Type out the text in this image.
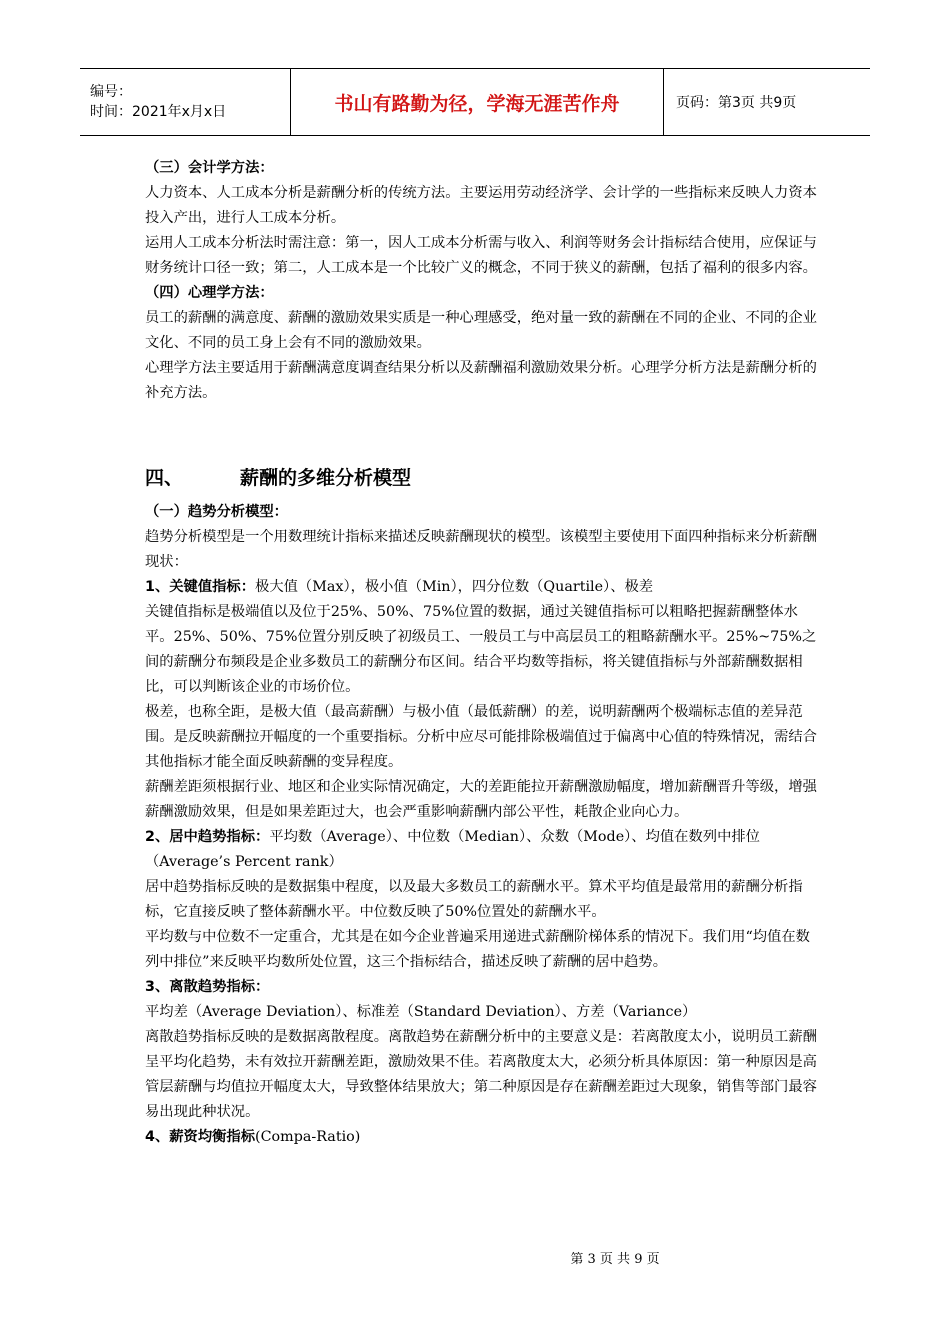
编号：
时间：2021年x月x日	书山有路勤为径，学海无涯苦作舟	页码：第3页 共9页

（三）会计学方法：

人力资本、人工成本分析是薪酬分析的传统方法。主要运用劳动经济学、会计学的一些指标来反映人力资本投入产出，进行人工成本分析。

运用人工成本分析法时需注意：第一，因人工成本分析需与收入、利润等财务会计指标结合使用，应保证与财务统计口径一致；第二，人工成本是一个比较广义的概念，不同于狭义的薪酬，包括了福利的很多内容。

（四）心理学方法：

员工的薪酬的满意度、薪酬的激励效果实质是一种心理感受，绝对量一致的薪酬在不同的企业、不同的企业文化、不同的员工身上会有不同的激励效果。

心理学方法主要适用于薪酬满意度调查结果分析以及薪酬福利激励效果分析。心理学分析方法是薪酬分析的补充方法。

四、	薪酬的多维分析模型

（一）趋势分析模型：

趋势分析模型是一个用数理统计指标来描述反映薪酬现状的模型。该模型主要使用下面四种指标来分析薪酬现状：

1、关键值指标：极大值（Max），极小值（Min），四分位数（Quartile）、极差

关键值指标是极端值以及位于25%、50%、75%位置的数据，通过关键值指标可以粗略把握薪酬整体水平。25%、50%、75%位置分别反映了初级员工、一般员工与中高层员工的粗略薪酬水平。25%~75%之间的薪酬分布频段是企业多数员工的薪酬分布区间。结合平均数等指标，将关键值指标与外部薪酬数据相比，可以判断该企业的市场价位。

极差，也称全距，是极大值（最高薪酬）与极小值（最低薪酬）的差，说明薪酬两个极端标志值的差异范围。是反映薪酬拉开幅度的一个重要指标。分析中应尽可能排除极端值过于偏离中心值的特殊情况，需结合其他指标才能全面反映薪酬的变异程度。

薪酬差距须根据行业、地区和企业实际情况确定，大的差距能拉开薪酬激励幅度，增加薪酬晋升等级，增强薪酬激励效果，但是如果差距过大，也会严重影响薪酬内部公平性，耗散企业向心力。

2、居中趋势指标：平均数（Average）、中位数（Median）、众数（Mode）、均值在数列中排位（Average’s Percent rank）

居中趋势指标反映的是数据集中程度，以及最大多数员工的薪酬水平。算术平均值是最常用的薪酬分析指标，它直接反映了整体薪酬水平。中位数反映了50%位置处的薪酬水平。

平均数与中位数不一定重合，尤其是在如今企业普遍采用递进式薪酬阶梯体系的情况下。我们用“均值在数列中排位”来反映平均数所处位置，这三个指标结合，描述反映了薪酬的居中趋势。

3、离散趋势指标：平均差（Average Deviation）、标准差（Standard Deviation）、方差（Variance）

离散趋势指标反映的是数据离散程度。离散趋势在薪酬分析中的主要意义是：若离散度太小，说明员工薪酬呈平均化趋势，未有效拉开薪酬差距，激励效果不佳。若离散度太大，必须分析具体原因：第一种原因是高管层薪酬与均值拉开幅度太大，导致整体结果放大；第二种原因是存在薪酬差距过大现象，销售等部门最容易出现此种状况。

4、薪资均衡指标(Compa-Ratio)

第 3 页 共 9 页
